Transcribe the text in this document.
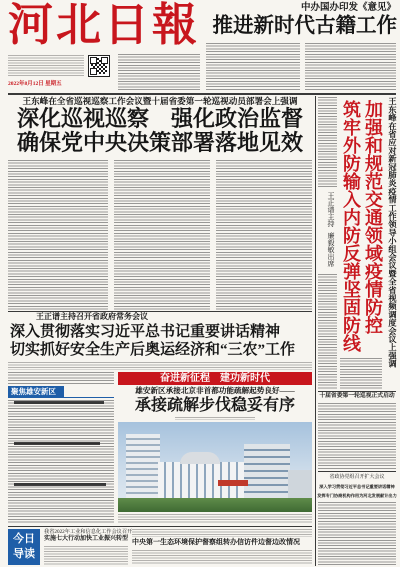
河北日報
2022年8月12日 星期五
中办国办印发《意见》
推进新时代古籍工作
王东峰在全省巡视巡察工作会议暨十届省委第一轮巡视动员部署会上强调
深化巡视巡察　强化政治监督
确保党中央决策部署落地见效
王正谱主持召开省政府常务会议
深入贯彻落实习近平总书记重要讲话精神
切实抓好安全生产后奥运经济和“三农”工作
奋进新征程　建功新时代
雄安新区承接北京非首都功能疏解起势良好——
承接疏解步伐稳妥有序
聚焦雄安新区
今日导读
我省2022年工业和信息化工作会议召开
实施七大行动加快工业振兴转型 中央第一生态环境保护督察组转办信访件边督边改情况
王东峰在省应对新冠肺炎疫情工作领导小组会议暨全省视频调度会议上强调
加强和规范交通领域疫情防控
筑牢外防输入内防反弹坚固防线
王正谱主持
廉毅敏出席
十届省委第一轮巡视正式启动
省政协党组召开扩大会议
深入学习贯彻习近平总书记重要讲话精神
发挥专门协商机构作用为河北发展献计出力
